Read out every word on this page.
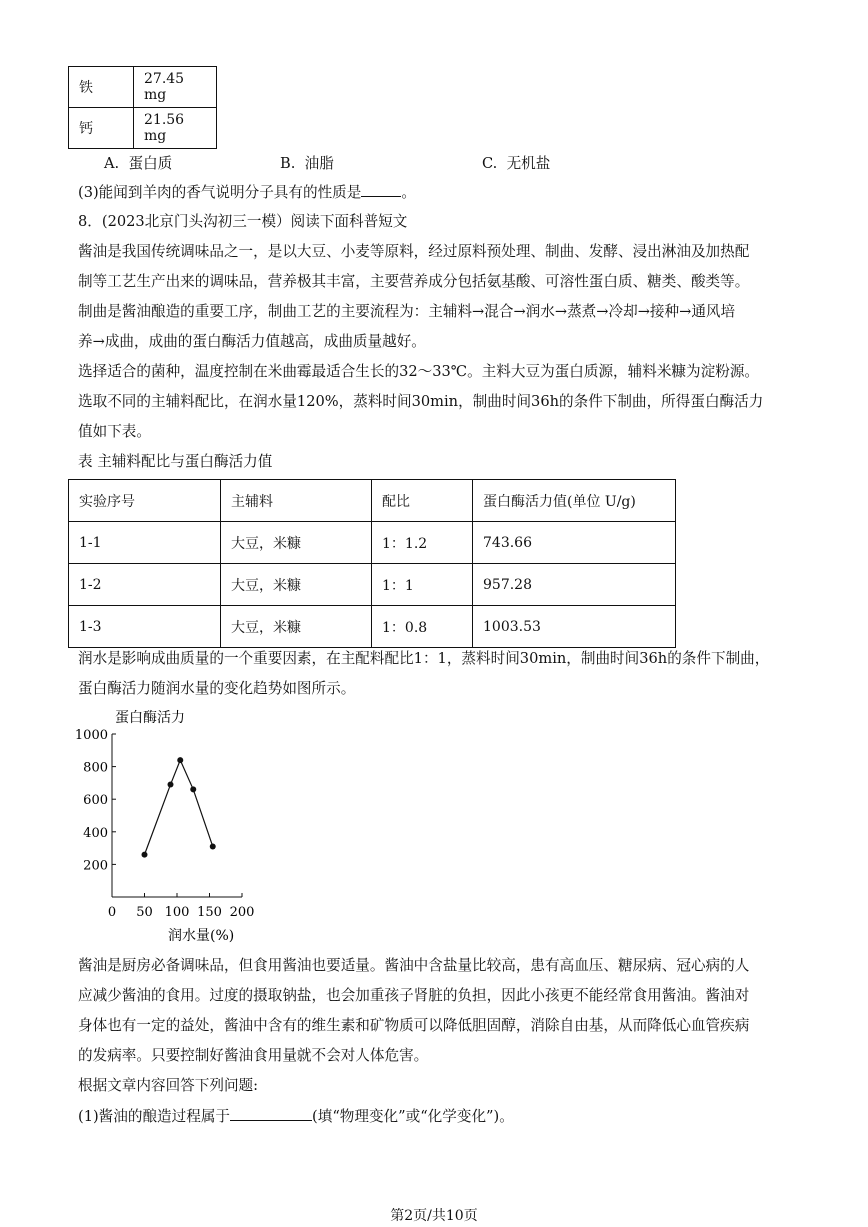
铁	27.45 mg
钙	21.56 mg
A. 蛋白质	B. 油脂	C. 无机盐
(3)能闻到羊肉的香气说明分子具有的性质是	。
8．(2023北京门头沟初三一模）阅读下面科普短文
酱油是我国传统调味品之一，是以大豆、小麦等原料，经过原料预处理、制曲、发酵、浸出淋油及加热配
制等工艺生产出来的调味品，营养极其丰富，主要营养成分包括氨基酸、可溶性蛋白质、糖类、酸类等。
制曲是酱油酿造的重要工序，制曲工艺的主要流程为：主辅料→混合→润水→蒸煮→冷却→接种→通风培
养→成曲，成曲的蛋白酶活力值越高，成曲质量越好。
选择适合的菌种，温度控制在米曲霉最适合生长的32～33℃。主料大豆为蛋白质源，辅料米糠为淀粉源。
选取不同的主辅料配比，在润水量120%，蒸料时间30min，制曲时间36h的条件下制曲，所得蛋白酶活力
值如下表。
表 主辅料配比与蛋白酶活力值
实验序号	主辅料	配比	蛋白酶活力值(单位 U/g)
1-1	大豆，米糠	1：1.2	743.66
1-2	大豆，米糠	1：1	957.28
1-3	大豆，米糠	1：0.8	1003.53
润水是影响成曲质量的一个重要因素，在主配料配比1：1，蒸料时间30min，制曲时间36h的条件下制曲，
蛋白酶活力随润水量的变化趋势如图所示。
蛋白酶活力
润水量(%)
200
400
600
800
1000
0 50 100 150 200
酱油是厨房必备调味品，但食用酱油也要适量。酱油中含盐量比较高，患有高血压、糖尿病、冠心病的人
应减少酱油的食用。过度的摄取钠盐，也会加重孩子肾脏的负担，因此小孩更不能经常食用酱油。酱油对
身体也有一定的益处，酱油中含有的维生素和矿物质可以降低胆固醇，消除自由基，从而降低心血管疾病
的发病率。只要控制好酱油食用量就不会对人体危害。
根据文章内容回答下列问题:
(1)酱油的酿造过程属于	(填“物理变化”或“化学变化”)。
第2页/共10页
